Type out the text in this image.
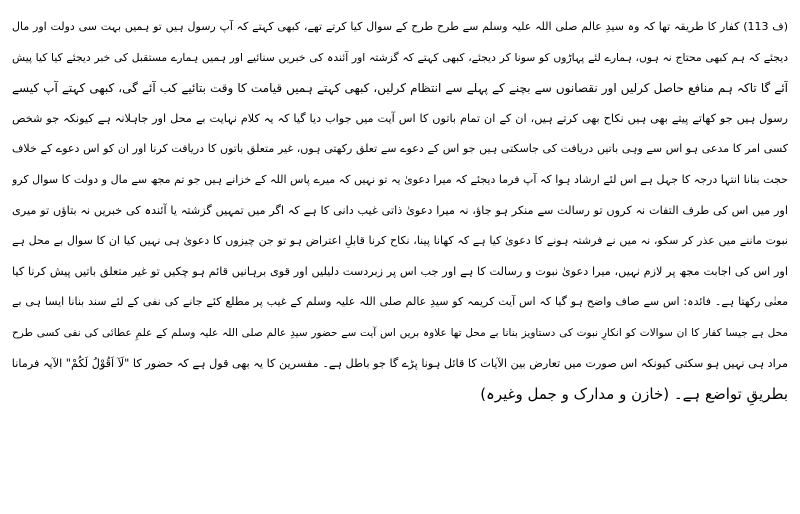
(ف 113) کفار کا طریقہ تھا کہ وہ سیدِ عالم صلی اللہ علیہ وسلم سے طرح طرح کے سوال کیا کرتے تھے، کبھی کہتے کہ آپ رسول ہیں تو ہمیں بہت سی دولت اور مال
دیجئے کہ ہم کبھی محتاج نہ ہوں، ہمارے لئے پہاڑوں کو سونا کر دیجئے، کبھی کہتے کہ گزشتہ اور آئندہ کی خبریں سنائیے اور ہمیں ہمارے مستقبل کی خبر دیجئے کیا کیا پیش
آئے گا تاکہ ہم منافع حاصل کرلیں اور نقصانوں سے بچنے کے پہلے سے انتظام کرلیں، کبھی کہتے ہمیں قیامت کا وقت بتائیے کب آئے گی، کبھی کہتے آپ کیسے
رسول ہیں جو کھاتے پیتے بھی ہیں نکاح بھی کرتے ہیں، ان کے ان تمام باتوں کا اس آیت میں جواب دیا گیا کہ یہ کلام نہایت بے محل اور جاہلانہ ہے کیونکہ جو شخص
کسی امر کا مدعی ہو اس سے وہی باتیں دریافت کی جاسکتی ہیں جو اس کے دعوے سے تعلق رکھتی ہوں، غیر متعلق باتوں کا دریافت کرنا اور ان کو اس دعوے کے خلاف
حجت بنانا انتہا درجہ کا جہل ہے اس لئے ارشاد ہوا کہ آپ فرما دیجئے کہ میرا دعویٰ یہ تو نہیں کہ میرے پاس اللہ کے خزانے ہیں جو تم مجھ سے مال و دولت کا سوال کرو
اور میں اس کی طرف التفات نہ کروں تو رسالت سے منکر ہو جاؤ، نہ میرا دعویٰ ذاتی غیب دانی کا ہے کہ اگر میں تمہیں گزشتہ یا آئندہ کی خبریں نہ بتاؤں تو میری
نبوت ماننے میں عذر کر سکو، نہ میں نے فرشتہ ہونے کا دعویٰ کیا ہے کہ کھانا پینا، نکاح کرنا قابلِ اعتراض ہو تو جن چیزوں کا دعویٰ ہی نہیں کیا ان کا سوال بے محل ہے
اور اس کی اجابت مجھ پر لازم نہیں، میرا دعویٰ نبوت و رسالت کا ہے اور جب اس پر زبردست دلیلیں اور قوی برہانیں قائم ہو چکیں تو غیر متعلق باتیں پیش کرنا کیا
معنٰی رکھتا ہے۔ فائدہ: اس سے صاف واضح ہو گیا کہ اس آیت کریمہ کو سیدِ عالم صلی اللہ علیہ وسلم کے غیب پر مطلع کئے جانے کی نفی کے لئے سند بنانا ایسا ہی بے
محل ہے جیسا کفار کا ان سوالات کو انکارِ نبوت کی دستاویز بنانا بے محل تھا علاوہ بریں اس آیت سے حضور سیدِ عالم صلی اللہ علیہ وسلم کے علمِ عطائی کی نفی کسی طرح
مراد ہی نہیں ہو سکتی کیونکہ اس صورت میں تعارض بین الآیات کا قائل ہونا پڑے گا جو باطل ہے۔ مفسرین کا یہ بھی قول ہے کہ حضور کا "لَآ اَقُوْلُ لَکُمْ" الآیہ فرمانا
بطریقِ تواضع ہے۔ (خازن و مدارک و جمل وغیرہ)
